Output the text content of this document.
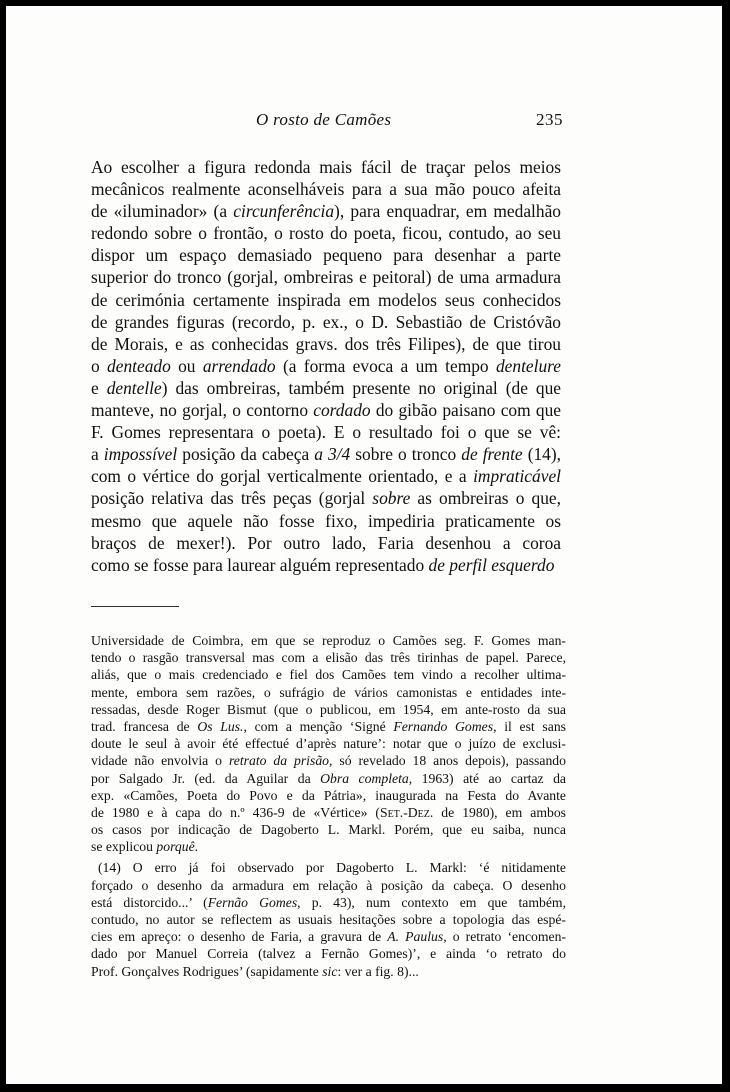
O rosto de Camões	235
Ao escolher a figura redonda mais fácil de traçar pelos meios
mecânicos realmente aconselháveis para a sua mão pouco afeita
de «iluminador» (a circunferência), para enquadrar, em medalhão
redondo sobre o frontão, o rosto do poeta, ficou, contudo, ao seu
dispor um espaço demasiado pequeno para desenhar a parte
superior do tronco (gorjal, ombreiras e peitoral) de uma armadura
de cerimónia certamente inspirada em modelos seus conhecidos
de grandes figuras (recordo, p. ex., o D. Sebastião de Cristóvão
de Morais, e as conhecidas gravs. dos três Filipes), de que tirou
o denteado ou arrendado (a forma evoca a um tempo dentelure
e dentelle) das ombreiras, também presente no original (de que
manteve, no gorjal, o contorno cordado do gibão paisano com que
F. Gomes representara o poeta). E o resultado foi o que se vê:
a impossível posição da cabeça a 3/4 sobre o tronco de frente (14),
com o vértice do gorjal verticalmente orientado, e a impraticável
posição relativa das três peças (gorjal sobre as ombreiras o que,
mesmo que aquele não fosse fixo, impediria praticamente os
braços de mexer!). Por outro lado, Faria desenhou a coroa
como se fosse para laurear alguém representado de perfil esquerdo
Universidade de Coimbra, em que se reproduz o Camões seg. F. Gomes man-
tendo o rasgão transversal mas com a elisão das três tirinhas de papel. Parece,
aliás, que o mais credenciado e fiel dos Camões tem vindo a recolher ultima-
mente, embora sem razões, o sufrágio de vários camonistas e entidades inte-
ressadas, desde Roger Bismut (que o publicou, em 1954, em ante-rosto da sua
trad. francesa de Os Lus., com a menção ‘Signé Fernando Gomes, il est sans
doute le seul à avoir été effectué d’après nature’: notar que o juízo de exclusi-
vidade não envolvia o retrato da prisão, só revelado 18 anos depois), passando
por Salgado Jr. (ed. da Aguilar da Obra completa, 1963) até ao cartaz da
exp. «Camões, Poeta do Povo e da Pátria», inaugurada na Festa do Avante
de 1980 e à capa do n.º 436-9 de «Vértice» (Set.-Dez. de 1980), em ambos
os casos por indicação de Dagoberto L. Markl. Porém, que eu saiba, nunca
se explicou porquê.
(14) O erro já foi observado por Dagoberto L. Markl: ‘é nitidamente
forçado o desenho da armadura em relação à posição da cabeça. O desenho
está distorcido...’ (Fernão Gomes, p. 43), num contexto em que também,
contudo, no autor se reflectem as usuais hesitações sobre a topologia das espé-
cies em apreço: o desenho de Faria, a gravura de A. Paulus, o retrato ‘encomen-
dado por Manuel Correia (talvez a Fernão Gomes)’, e ainda ‘o retrato do
Prof. Gonçalves Rodrigues’ (sapidamente sic: ver a fig. 8)...
